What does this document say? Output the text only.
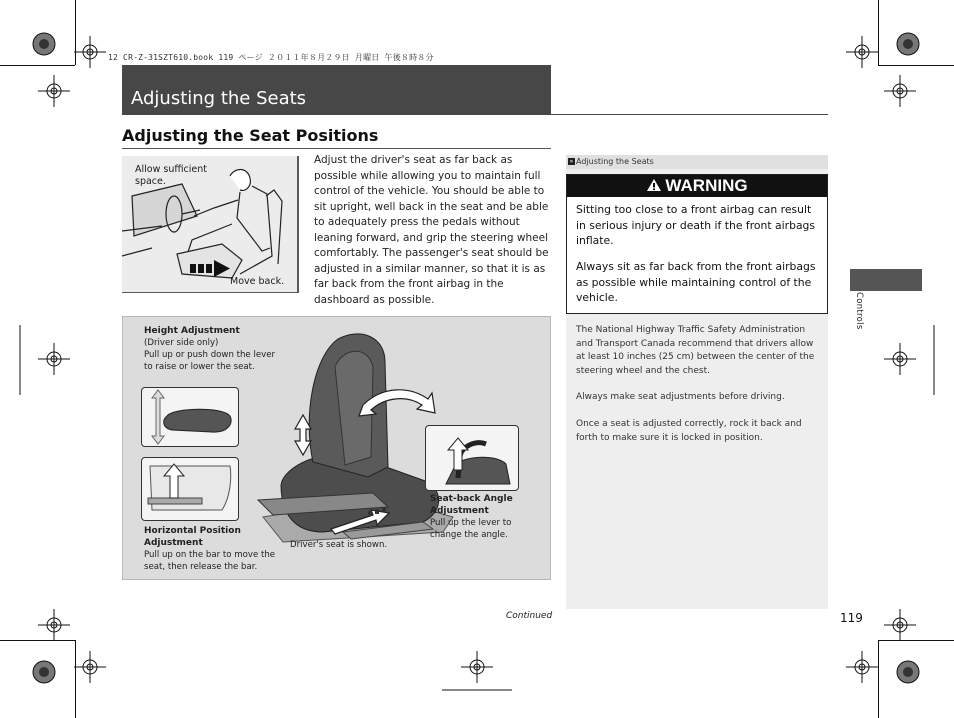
12 CR-Z-31SZT610.book 119 ページ ２０１１年８月２９日 月曜日 午後８時８分
Adjusting the Seats
Adjusting the Seat Positions
Allow sufficient space.
Move back.
Adjust the driver's seat as far back as possible while allowing you to maintain full control of the vehicle. You should be able to sit upright, well back in the seat and be able to adequately press the pedals without leaning forward, and grip the steering wheel comfortably. The passenger's seat should be adjusted in a similar manner, so that it is as far back from the front airbag in the dashboard as possible.
Height Adjustment
(Driver side only)
Pull up or push down the lever to raise or lower the seat.
Horizontal Position Adjustment
Pull up on the bar to move the seat, then release the bar.
Seat-back Angle Adjustment
Pull up the lever to change the angle.
Driver's seat is shown.
» Adjusting the Seats
WARNING
Sitting too close to a front airbag can result in serious injury or death if the front airbags inflate.
Always sit as far back from the front airbags as possible while maintaining control of the vehicle.
The National Highway Traffic Safety Administration and Transport Canada recommend that drivers allow at least 10 inches (25 cm) between the center of the steering wheel and the chest.
Always make seat adjustments before driving.
Once a seat is adjusted correctly, rock it back and forth to make sure it is locked in position.
Controls
Continued	119
